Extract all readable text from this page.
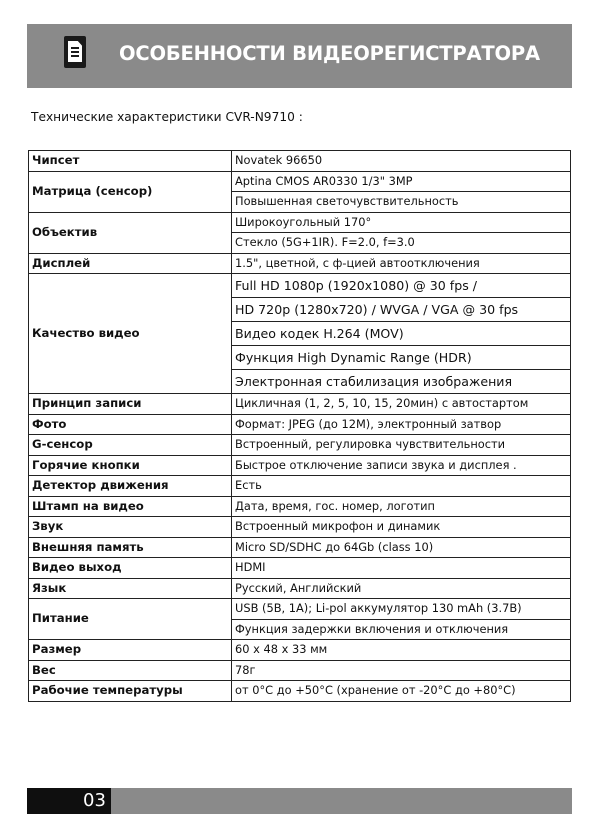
ОСОБЕННОСТИ ВИДЕОРЕГИСТРАТОРА
Технические характеристики CVR-N9710 :
Чипсет	Novatek 96650
Матрица (сенсор)	Aptina CMOS AR0330 1/3" 3MP
	Повышенная светочувствительность
Объектив	Широкоугольный 170°
	Стекло (5G+1IR). F=2.0, f=3.0
Дисплей	1.5", цветной, с ф-цией автоотключения
Качество видео	Full HD 1080p (1920x1080) @ 30 fps /
	HD 720p (1280x720) / WVGA / VGA @ 30 fps
	Видео кодек H.264 (MOV)
	Функция High Dynamic Range (HDR)
	Электронная стабилизация изображения
Принцип записи	Цикличная (1, 2, 5, 10, 15, 20мин) с автостартом
Фото	Формат: JPEG (до 12M), электронный затвор
G-сенсор	Встроенный, регулировка чувствительности
Горячие кнопки	Быстрое отключение записи звука и дисплея .
Детектор движения	Есть
Штамп на видео	Дата, время, гос. номер, логотип
Звук	Встроенный микрофон и динамик
Внешняя память	Micro SD/SDHC до 64Gb (class 10)
Видео выход	HDMI
Язык	Русский, Английский
Питание	USB (5В, 1А); Li-pol аккумулятор 130 mAh (3.7В)
	Функция задержки включения и отключения
Размер	60 x 48 x 33 мм
Вес	78г
Рабочие температуры	от 0°С до +50°С (хранение от -20°С до +80°С)
03
